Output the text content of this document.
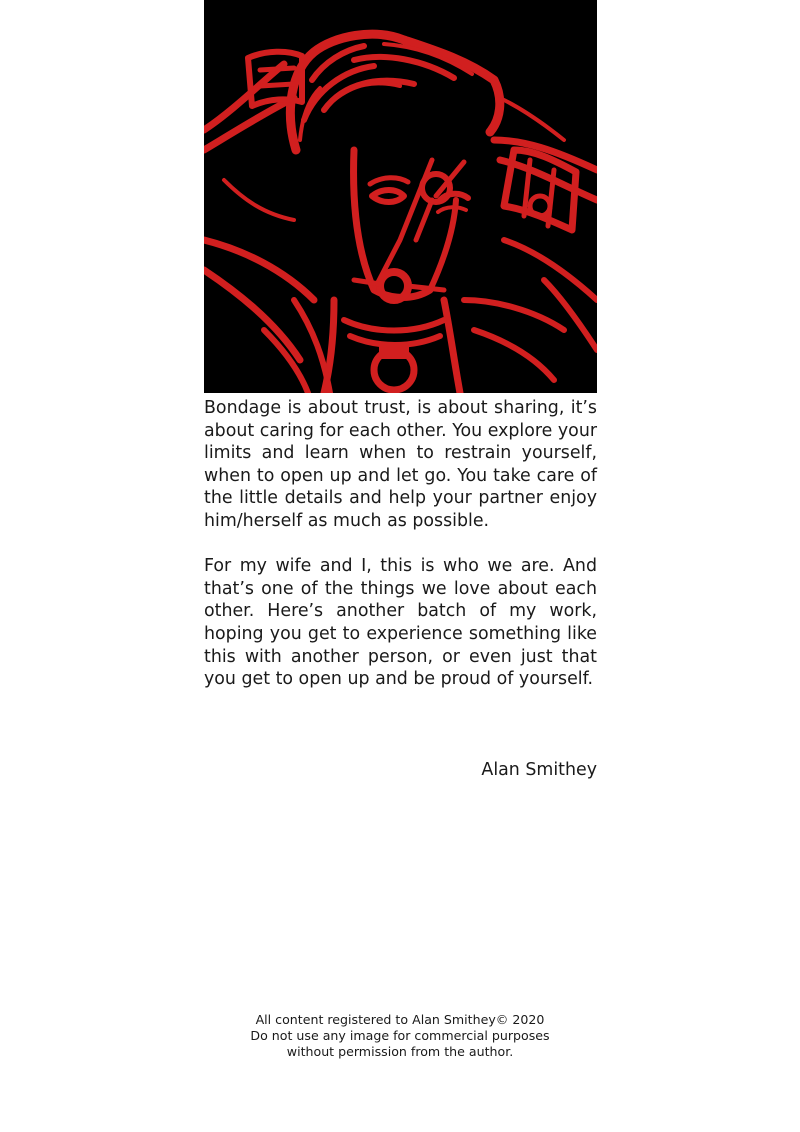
Bondage is about trust, is about sharing, it’s about caring for each other. You explore your limits and learn when to restrain yourself, when to open up and let go. You take care of the little details and help your partner enjoy him/herself as much as possible.

For my wife and I, this is who we are. And that’s one of the things we love about each other. Here’s another batch of my work, hoping you get to experience something like this with another person, or even just that you get to open up and be proud of yourself.

Alan Smithey
All content registered to Alan Smithey© 2020
Do not use any image for commercial purposes
without permission from the author.
